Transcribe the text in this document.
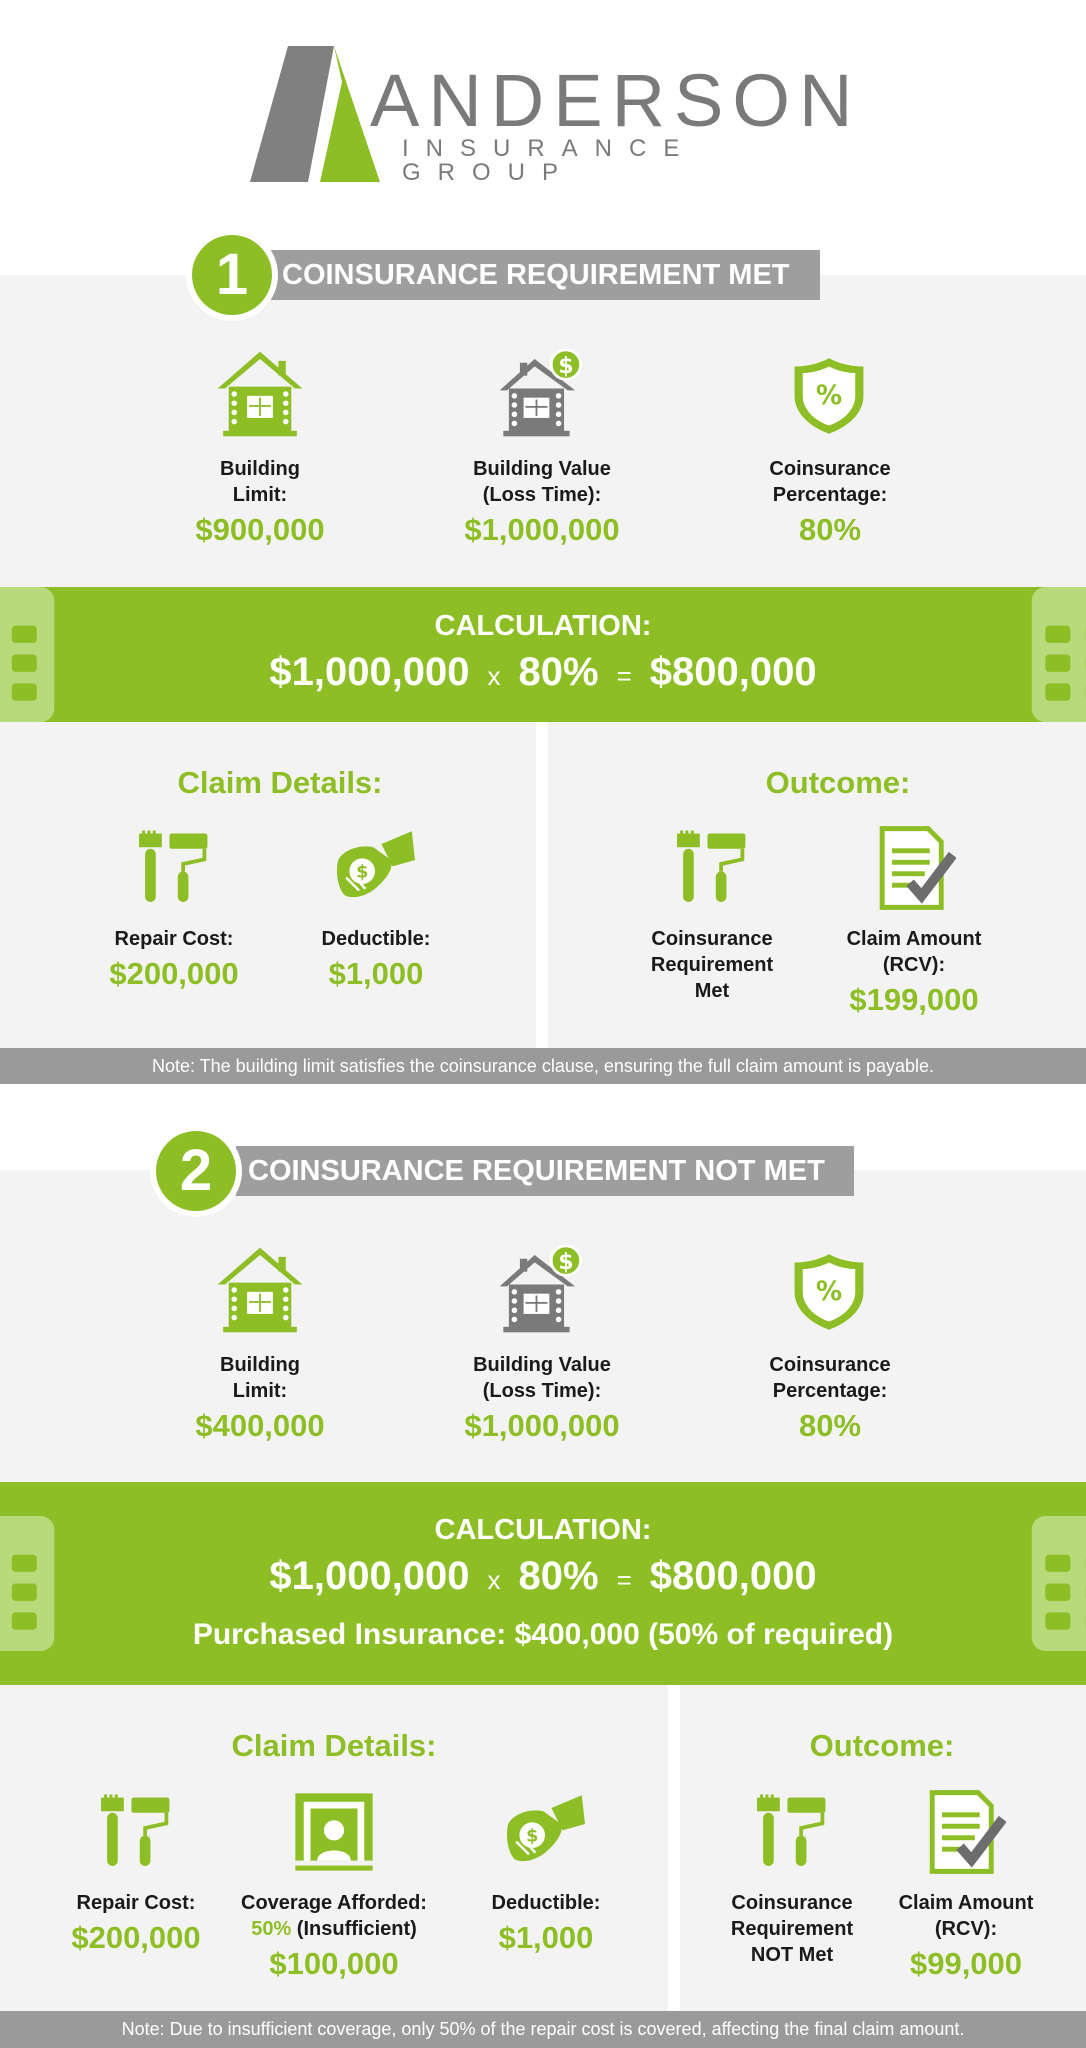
ANDERSON
INSURANCE GROUP
COINSURANCE REQUIREMENT MET
1
Building
Limit:
$900,000
Building Value
(Loss Time):
$1,000,000
Coinsurance
Percentage:
80%
CALCULATION:
$1,000,000 x 80% = $800,000
Claim Details:	Outcome:
Repair Cost:
$200,000
Deductible:
$1,000
Coinsurance
Requirement
Met
Claim Amount
(RCV):
$199,000
Note: The building limit satisfies the coinsurance clause, ensuring the full claim amount is payable.
COINSURANCE REQUIREMENT NOT MET
2
Building
Limit:
$400,000
Building Value
(Loss Time):
$1,000,000
Coinsurance
Percentage:
80%
CALCULATION:
$1,000,000 x 80% = $800,000
Purchased Insurance: $400,000 (50% of required)
Claim Details:	Outcome:
Repair Cost:
$200,000
Coverage Afforded:
50% (Insufficient)
$100,000
Deductible:
$1,000
Coinsurance
Requirement
NOT Met
Claim Amount
(RCV):
$99,000
Note: Due to insufficient coverage, only 50% of the repair cost is covered, affecting the final claim amount.
